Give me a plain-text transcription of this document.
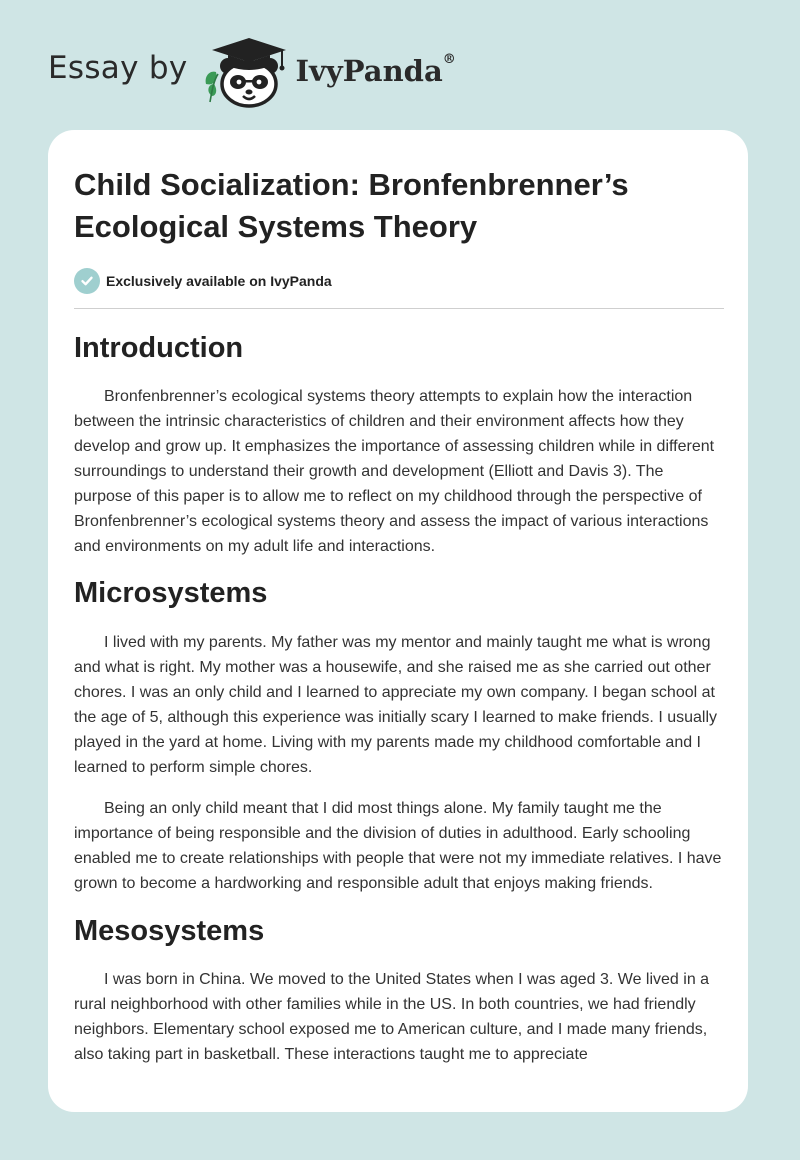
Essay by	IvyPanda®
Child Socialization: Bronfenbrenner’s Ecological Systems Theory
Exclusively available on IvyPanda
Introduction

Bronfenbrenner’s ecological systems theory attempts to explain how the interaction between the intrinsic characteristics of children and their environment affects how they develop and grow up. It emphasizes the importance of assessing children while in different surroundings to understand their growth and development (Elliott and Davis 3). The purpose of this paper is to allow me to reflect on my childhood through the perspective of Bronfenbrenner’s ecological systems theory and assess the impact of various interactions and environments on my adult life and interactions.

Microsystems

I lived with my parents. My father was my mentor and mainly taught me what is wrong and what is right. My mother was a housewife, and she raised me as she carried out other chores. I was an only child and I learned to appreciate my own company. I began school at the age of 5, although this experience was initially scary I learned to make friends. I usually played in the yard at home. Living with my parents made my childhood comfortable and I learned to perform simple chores.

Being an only child meant that I did most things alone. My family taught me the importance of being responsible and the division of duties in adulthood. Early schooling enabled me to create relationships with people that were not my immediate relatives. I have grown to become a hardworking and responsible adult that enjoys making friends.

Mesosystems

I was born in China. We moved to the United States when I was aged 3. We lived in a rural neighborhood with other families while in the US. In both countries, we had friendly neighbors. Elementary school exposed me to American culture, and I made many friends, also taking part in basketball. These interactions taught me to appreciate
